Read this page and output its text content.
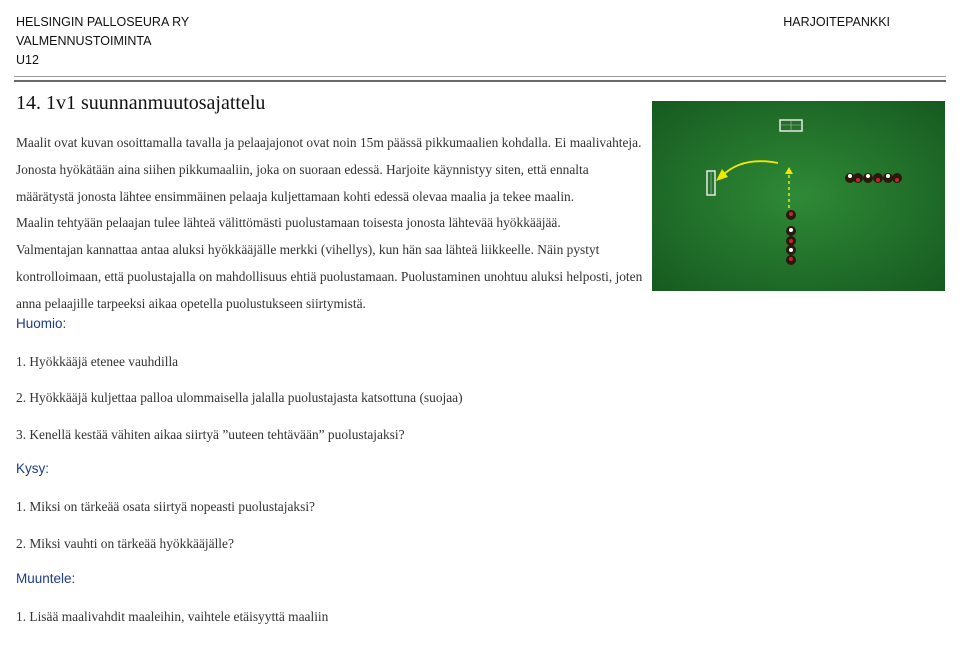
HELSINGIN PALLOSEURA RY
VALMENNUSTOIMINTA
U12
HARJOITEPANKKI
14. 1v1 suunnanmuutosajattelu

Maalit ovat kuvan osoittamalla tavalla ja pelaajajonot ovat noin 15m päässä pikkumaalien kohdalla. Ei maalivahteja. Jonosta hyökätään aina siihen pikkumaaliin, joka on suoraan edessä. Harjoite käynnistyy siten, että ennalta määrätystä jonosta lähtee ensimmäinen pelaaja kuljettamaan kohti edessä olevaa maalia ja tekee maalin.

Maalin tehtyään pelaajan tulee lähteä välittömästi puolustamaan toisesta jonosta lähtevää hyökkääjää.

Valmentajan kannattaa antaa aluksi hyökkääjälle merkki (vihellys), kun hän saa lähteä liikkeelle. Näin pystyt kontrolloimaan, että puolustajalla on mahdollisuus ehtiä puolustamaan. Puolustaminen unohtuu aluksi helposti, joten anna pelaajille tarpeeksi aikaa opetella puolustukseen siirtymistä.

Huomio:
1. Hyökkääjä etenee vauhdilla
2. Hyökkääjä kuljettaa palloa ulommaisella jalalla puolustajasta katsottuna (suojaa)
3. Kenellä kestää vähiten aikaa siirtyä ”uuteen tehtävään” puolustajaksi?
Kysy:
1. Miksi on tärkeää osata siirtyä nopeasti puolustajaksi?
2. Miksi vauhti on tärkeää hyökkääjälle?
Muuntele:
1. Lisää maalivahdit maaleihin, vaihtele etäisyyttä maaliin
